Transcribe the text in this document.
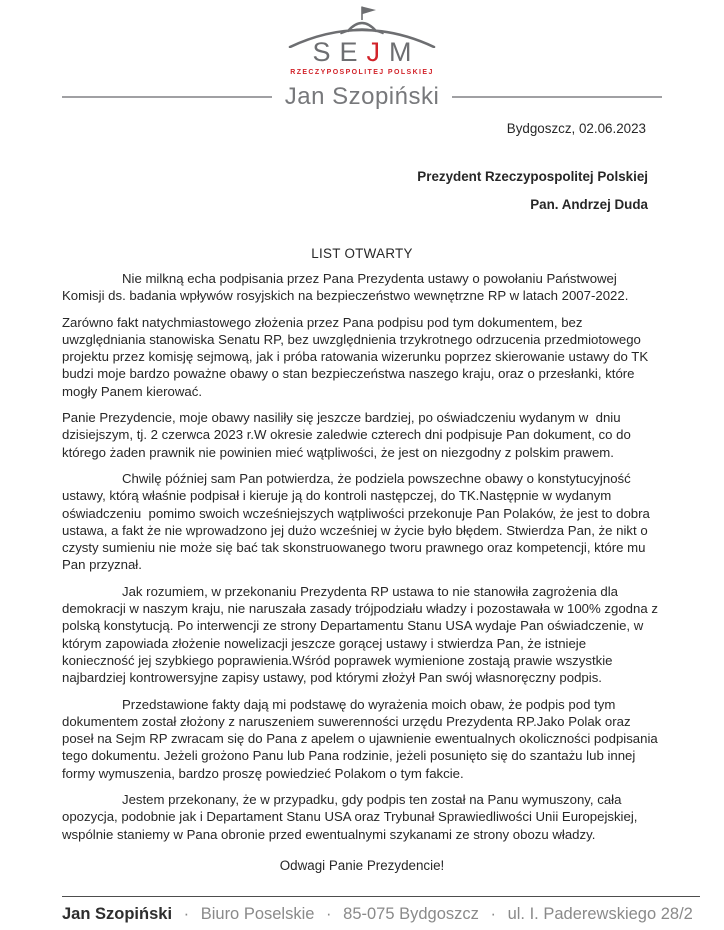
SEJM
RZECZYPOSPOLITEJ POLSKIEJ
Jan Szopiński
Bydgoszcz, 02.06.2023
Prezydent Rzeczypospolitej Polskiej
Pan. Andrzej Duda
LIST OTWARTY

Nie milkną echa podpisania przez Pana Prezydenta ustawy o powołaniu Państwowej Komisji ds. badania wpływów rosyjskich na bezpieczeństwo wewnętrzne RP w latach 2007-2022.

Zarówno fakt natychmiastowego złożenia przez Pana podpisu pod tym dokumentem, bez uwzględniania stanowiska Senatu RP, bez uwzględnienia trzykrotnego odrzucenia przedmiotowego projektu przez komisję sejmową, jak i próba ratowania wizerunku poprzez skierowanie ustawy do TK budzi moje bardzo poważne obawy o stan bezpieczeństwa naszego kraju, oraz o przesłanki, które mogły Panem kierować.

Panie Prezydencie, moje obawy nasiliły się jeszcze bardziej, po oświadczeniu wydanym w  dniu dzisiejszym, tj. 2 czerwca 2023 r.W okresie zaledwie czterech dni podpisuje Pan dokument, co do którego żaden prawnik nie powinien mieć wątpliwości, że jest on niezgodny z polskim prawem.

Chwilę później sam Pan potwierdza, że podziela powszechne obawy o konstytucyjność ustawy, którą właśnie podpisał i kieruje ją do kontroli następczej, do TK.Następnie w wydanym oświadczeniu  pomimo swoich wcześniejszych wątpliwości przekonuje Pan Polaków, że jest to dobra ustawa, a fakt że nie wprowadzono jej dużo wcześniej w życie było błędem. Stwierdza Pan, że nikt o czysty sumieniu nie może się bać tak skonstruowanego tworu prawnego oraz kompetencji, które mu Pan przyznał.

Jak rozumiem, w przekonaniu Prezydenta RP ustawa to nie stanowiła zagrożenia dla demokracji w naszym kraju, nie naruszała zasady trójpodziału władzy i pozostawała w 100% zgodna z polską konstytucją. Po interwencji ze strony Departamentu Stanu USA wydaje Pan oświadczenie, w którym zapowiada złożenie nowelizacji jeszcze gorącej ustawy i stwierdza Pan, że istnieje konieczność jej szybkiego poprawienia.Wśród poprawek wymienione zostają prawie wszystkie najbardziej kontrowersyjne zapisy ustawy, pod którymi złożył Pan swój własnoręczny podpis.

Przedstawione fakty dają mi podstawę do wyrażenia moich obaw, że podpis pod tym dokumentem został złożony z naruszeniem suwerenności urzędu Prezydenta RP.Jako Polak oraz poseł na Sejm RP zwracam się do Pana z apelem o ujawnienie ewentualnych okoliczności podpisania tego dokumentu. Jeżeli grożono Panu lub Pana rodzinie, jeżeli posunięto się do szantażu lub innej formy wymuszenia, bardzo proszę powiedzieć Polakom o tym fakcie.

Jestem przekonany, że w przypadku, gdy podpis ten został na Panu wymuszony, cała opozycja, podobnie jak i Departament Stanu USA oraz Trybunał Sprawiedliwości Unii Europejskiej, wspólnie staniemy w Pana obronie przed ewentualnymi szykanami ze strony obozu władzy.

Odwagi Panie Prezydencie!
Jan Szopiński · Biuro Poselskie · 85-075 Bydgoszcz · ul. I. Paderewskiego 28/2
